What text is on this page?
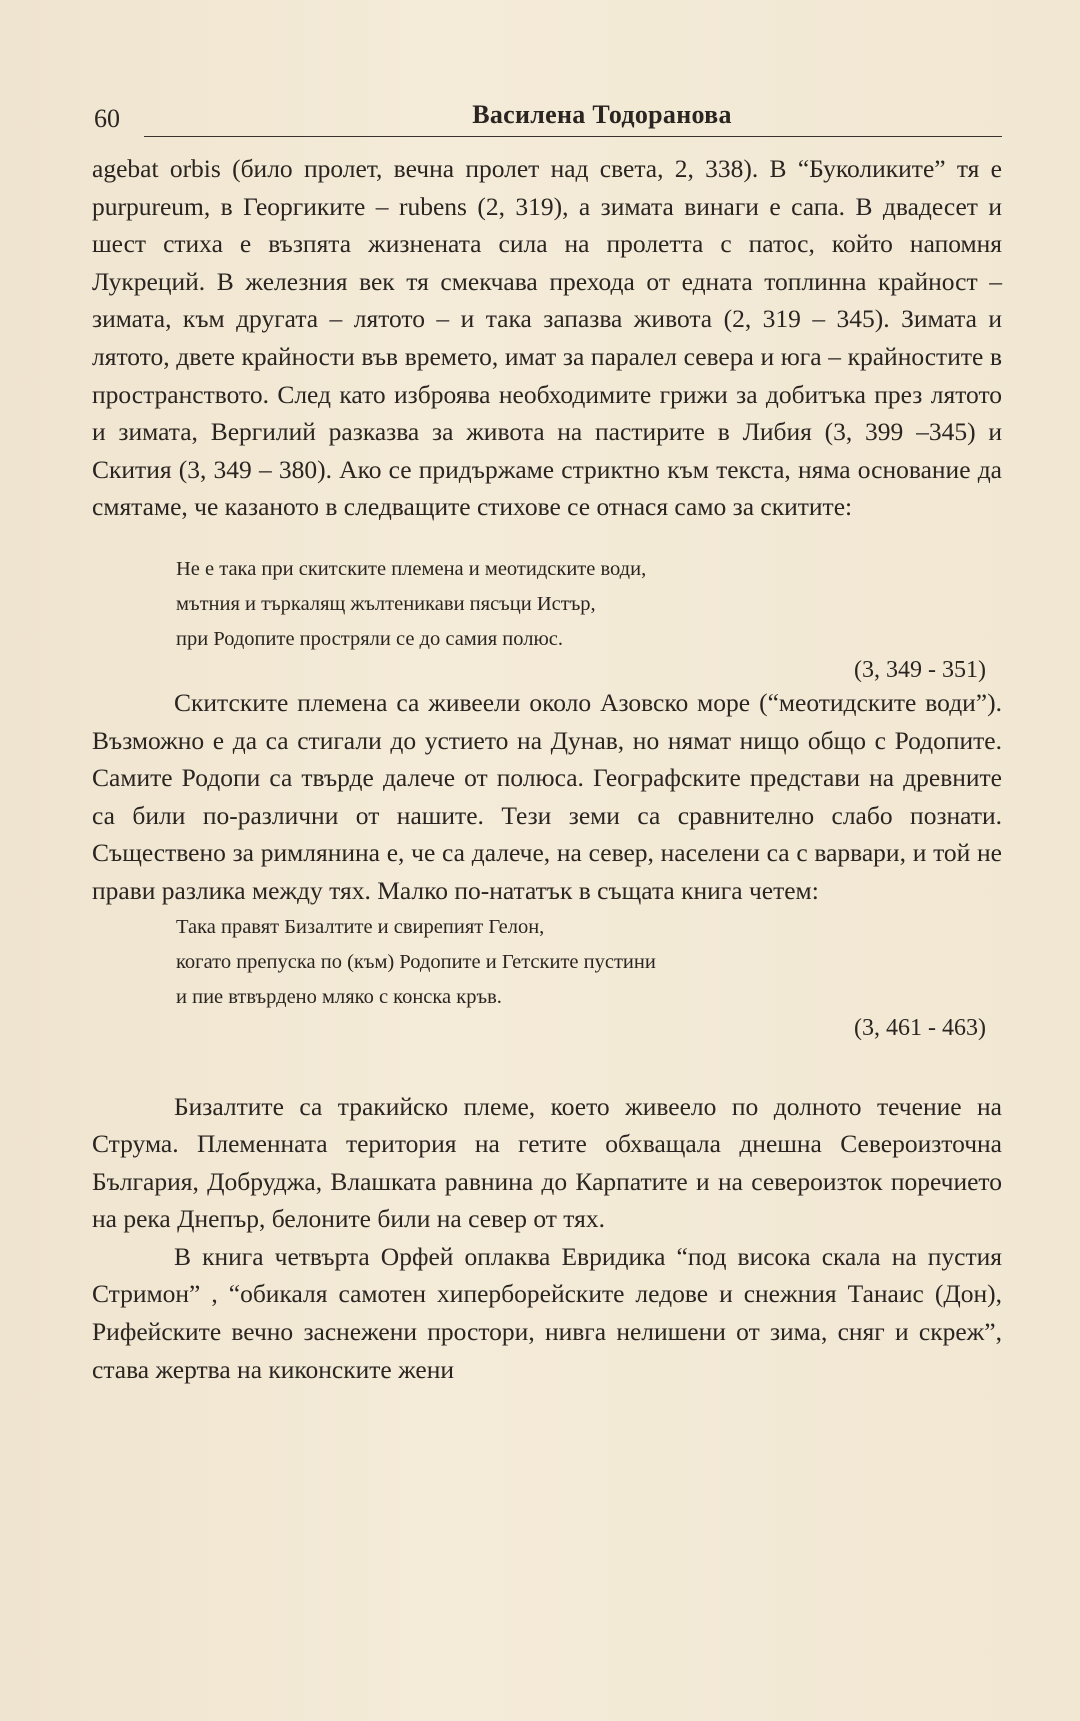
60	Василена Тодоранова

agebat orbis (било пролет, вечна пролет над света, 2, 338). В “Буколиките” тя е purpureum, в Георгиките – rubens (2, 319), а зимата винаги е сапа. В двадесет и шест стиха е възпята жизнената сила на пролетта с патос, който напомня Лукреций. В железния век тя смекчава прехода от едната топлинна крайност – зимата, към другата – лятото – и така запазва живота (2, 319 – 345). Зимата и лятото, двете крайности във времето, имат за паралел севера и юга – крайностите в пространството. След като изброява необходимите грижи за добитъка през лятото и зимата, Вергилий разказва за живота на пастирите в Либия (3, 399 –345) и Скития (3, 349 – 380). Ако се придържаме стриктно към текста, няма основание да смятаме, че казаното в следващите стихове се отнася само за скитите:

Не е така при скитските племена и меотидските води,
мътния и търкалящ жълтеникави пясъци Истър,
при Родопите простряли се до самия полюс.
(3, 349 - 351)

Скитските племена са живеели около Азовско море (“меотидските води”). Възможно е да са стигали до устието на Дунав, но нямат нищо общо с Родопите. Самите Родопи са твърде далече от полюса. Географските представи на древните са били по-различни от нашите. Тези земи са сравнително слабо познати. Съществено за римлянина е, че са далече, на север, населени са с варвари, и той не прави разлика между тях. Малко по-нататък в същата книга четем:

Така правят Бизалтите и свирепият Гелон,
когато препуска по (към) Родопите и Гетските пустини
и пие втвърдено мляко с конска кръв.
(3, 461 - 463)

Бизалтите са тракийско племе, което живеело по долното течение на Струма. Племенната територия на гетите обхващала днешна Североизточна България, Добруджа, Влашката равнина до Карпатите и на североизток поречието на река Днепър, белоните били на север от тях.

В книга четвърта Орфей оплаква Евридика “под висока скала на пустия Стримон” , “обикаля самотен хиперборейските ледове и снежния Танаис (Дон), Рифейските вечно заснежени простори, нивга нелишени от зима, сняг и скреж”, става жертва на киконските жени
